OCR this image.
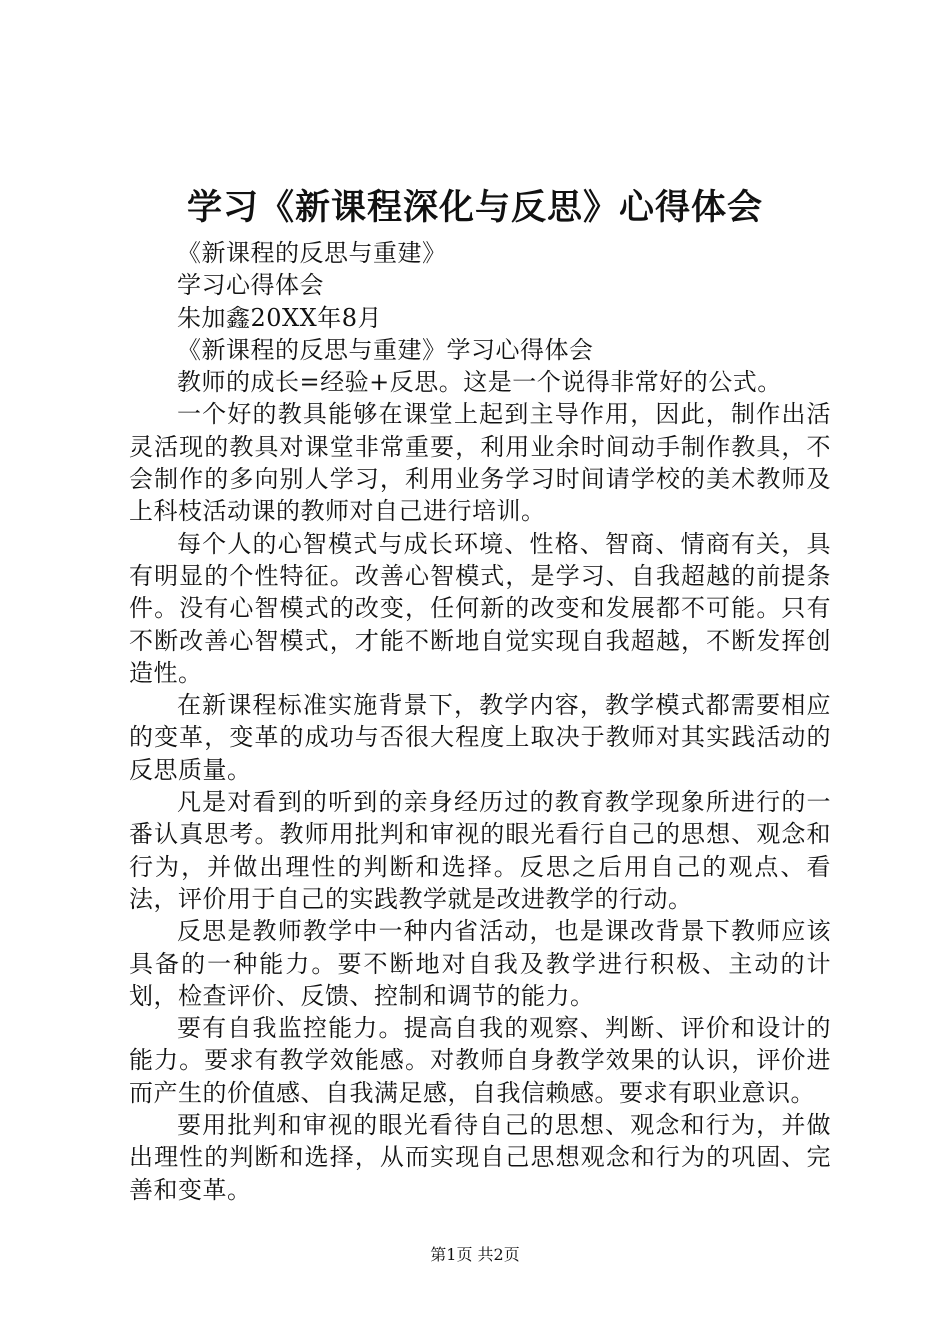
学习《新课程深化与反思》心得体会

《新课程的反思与重建》

学习心得体会

朱加鑫20XX年8月

《新课程的反思与重建》学习心得体会

教师的成长=经验+反思。这是一个说得非常好的公式。

一个好的教具能够在课堂上起到主导作用，因此，制作出活灵活现的教具对课堂非常重要，利用业余时间动手制作教具，不会制作的多向别人学习，利用业务学习时间请学校的美术教师及上科枝活动课的教师对自己进行培训。

每个人的心智模式与成长环境、性格、智商、情商有关，具有明显的个性特征。改善心智模式，是学习、自我超越的前提条件。没有心智模式的改变，任何新的改变和发展都不可能。只有不断改善心智模式，才能不断地自觉实现自我超越，不断发挥创造性。

在新课程标准实施背景下，教学内容，教学模式都需要相应的变革，变革的成功与否很大程度上取决于教师对其实践活动的反思质量。

凡是对看到的听到的亲身经历过的教育教学现象所进行的一番认真思考。教师用批判和审视的眼光看行自己的思想、观念和行为，并做出理性的判断和选择。反思之后用自己的观点、看法，评价用于自己的实践教学就是改进教学的行动。

反思是教师教学中一种内省活动，也是课改背景下教师应该具备的一种能力。要不断地对自我及教学进行积极、主动的计划，检查评价、反馈、控制和调节的能力。

要有自我监控能力。提高自我的观察、判断、评价和设计的能力。要求有教学效能感。对教师自身教学效果的认识，评价进而产生的价值感、自我满足感，自我信赖感。要求有职业意识。

要用批判和审视的眼光看待自己的思想、观念和行为，并做出理性的判断和选择，从而实现自己思想观念和行为的巩固、完善和变革。

第1页 共2页
